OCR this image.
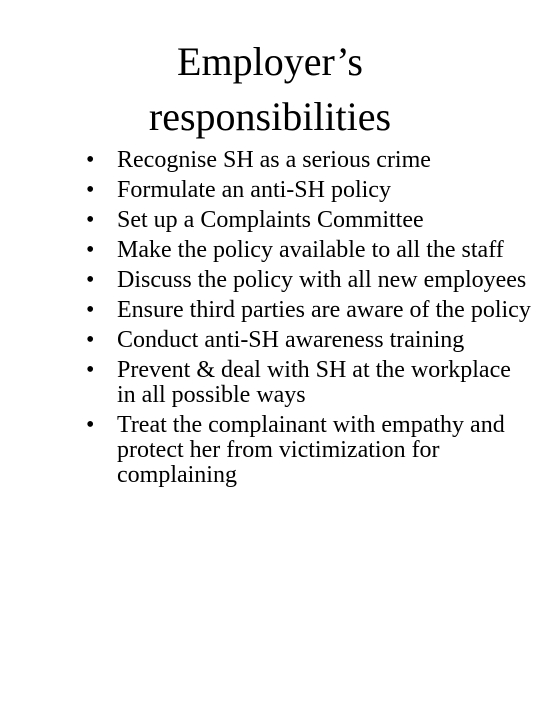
Employer’s
responsibilities
• Recognise SH as a serious crime
• Formulate an anti-SH policy
• Set up a Complaints Committee
• Make the policy available to all the staff
• Discuss the policy with all new employees
• Ensure third parties are aware of the policy
• Conduct anti-SH awareness training
• Prevent & deal with SH at the workplace in all possible ways
• Treat the complainant with empathy and protect her from victimization for complaining
